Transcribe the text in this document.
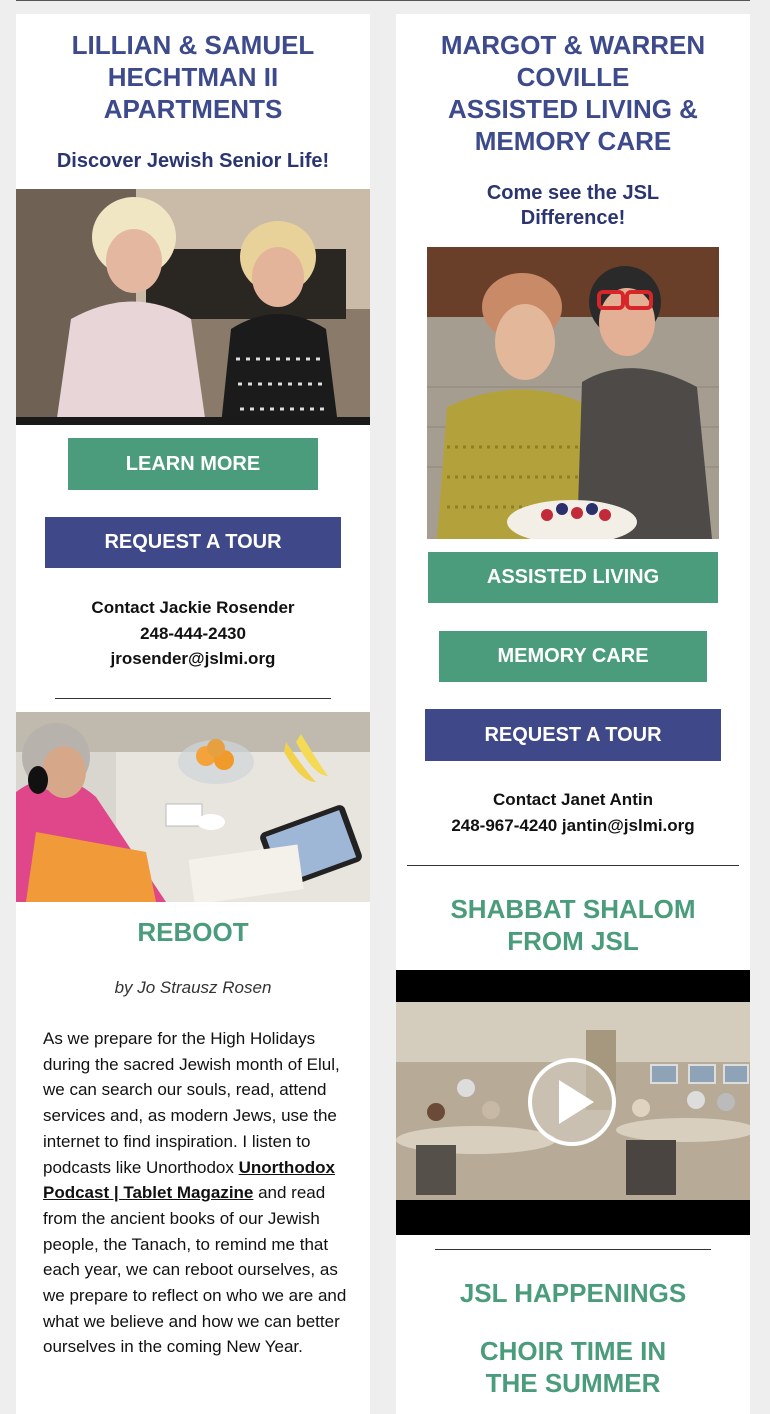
LILLIAN & SAMUEL
HECHTMAN II
APARTMENTS
Discover Jewish Senior Life!
LEARN MORE
REQUEST A TOUR
Contact Jackie Rosender
248-444-2430
jrosender@jslmi.org
REBOOT
by Jo Strausz Rosen
As we prepare for the High Holidays during the sacred Jewish month of Elul, we can search our souls, read, attend services and, as modern Jews, use the internet to find inspiration. I listen to podcasts like Unorthodox Unorthodox Podcast | Tablet Magazine and read from the ancient books of our Jewish people, the Tanach, to remind me that each year, we can reboot ourselves, as we prepare to reflect on who we are and what we believe and how we can better ourselves in the coming New Year.
MARGOT & WARREN
COVILLE
ASSISTED LIVING &
MEMORY CARE
Come see the JSL
Difference!
ASSISTED LIVING
MEMORY CARE
REQUEST A TOUR
Contact Janet Antin
248-967-4240 jantin@jslmi.org
SHABBAT SHALOM
FROM JSL
JSL HAPPENINGS
CHOIR TIME IN
THE SUMMER
